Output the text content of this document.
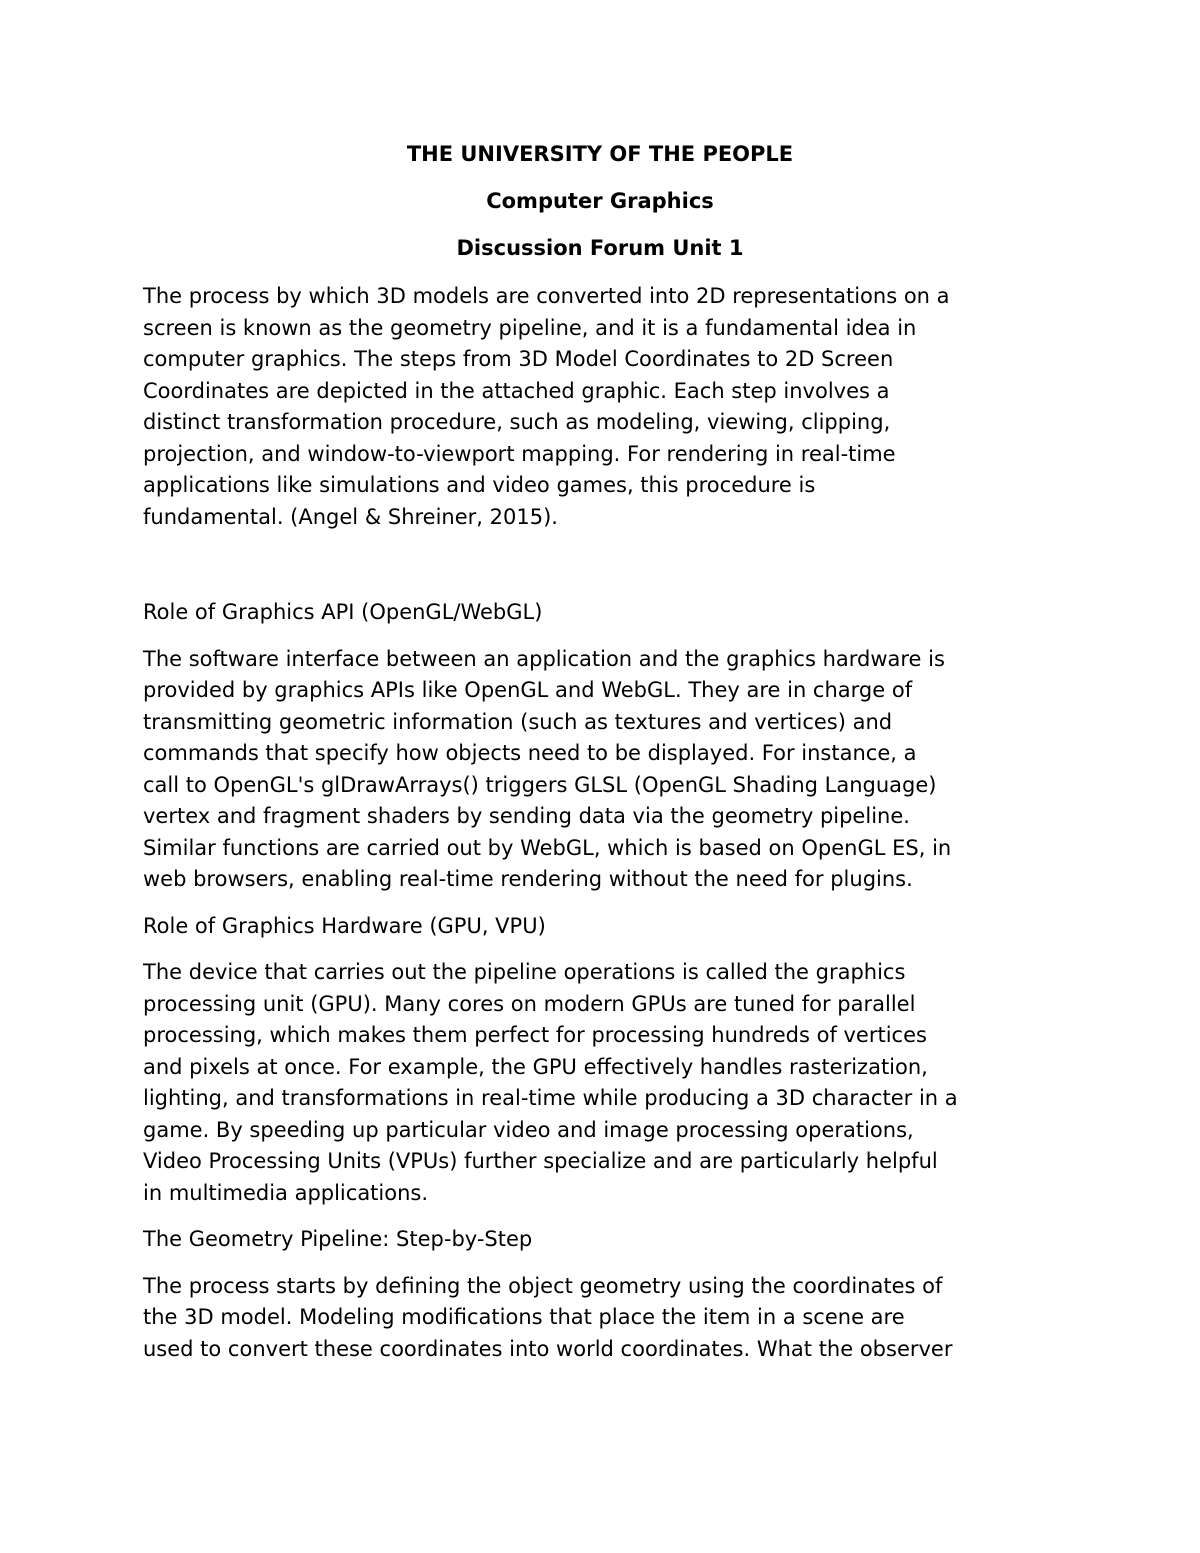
THE UNIVERSITY OF THE PEOPLE
Computer Graphics
Discussion Forum Unit 1
The process by which 3D models are converted into 2D representations on a
screen is known as the geometry pipeline, and it is a fundamental idea in
computer graphics. The steps from 3D Model Coordinates to 2D Screen
Coordinates are depicted in the attached graphic. Each step involves a
distinct transformation procedure, such as modeling, viewing, clipping,
projection, and window-to-viewport mapping. For rendering in real-time
applications like simulations and video games, this procedure is
fundamental. (Angel & Shreiner, 2015).
Role of Graphics API (OpenGL/WebGL)
The software interface between an application and the graphics hardware is
provided by graphics APIs like OpenGL and WebGL. They are in charge of
transmitting geometric information (such as textures and vertices) and
commands that specify how objects need to be displayed. For instance, a
call to OpenGL's glDrawArrays() triggers GLSL (OpenGL Shading Language)
vertex and fragment shaders by sending data via the geometry pipeline.
Similar functions are carried out by WebGL, which is based on OpenGL ES, in
web browsers, enabling real-time rendering without the need for plugins.
Role of Graphics Hardware (GPU, VPU)
The device that carries out the pipeline operations is called the graphics
processing unit (GPU). Many cores on modern GPUs are tuned for parallel
processing, which makes them perfect for processing hundreds of vertices
and pixels at once. For example, the GPU effectively handles rasterization,
lighting, and transformations in real-time while producing a 3D character in a
game. By speeding up particular video and image processing operations,
Video Processing Units (VPUs) further specialize and are particularly helpful
in multimedia applications.
The Geometry Pipeline: Step-by-Step
The process starts by defining the object geometry using the coordinates of
the 3D model. Modeling modifications that place the item in a scene are
used to convert these coordinates into world coordinates. What the observer
